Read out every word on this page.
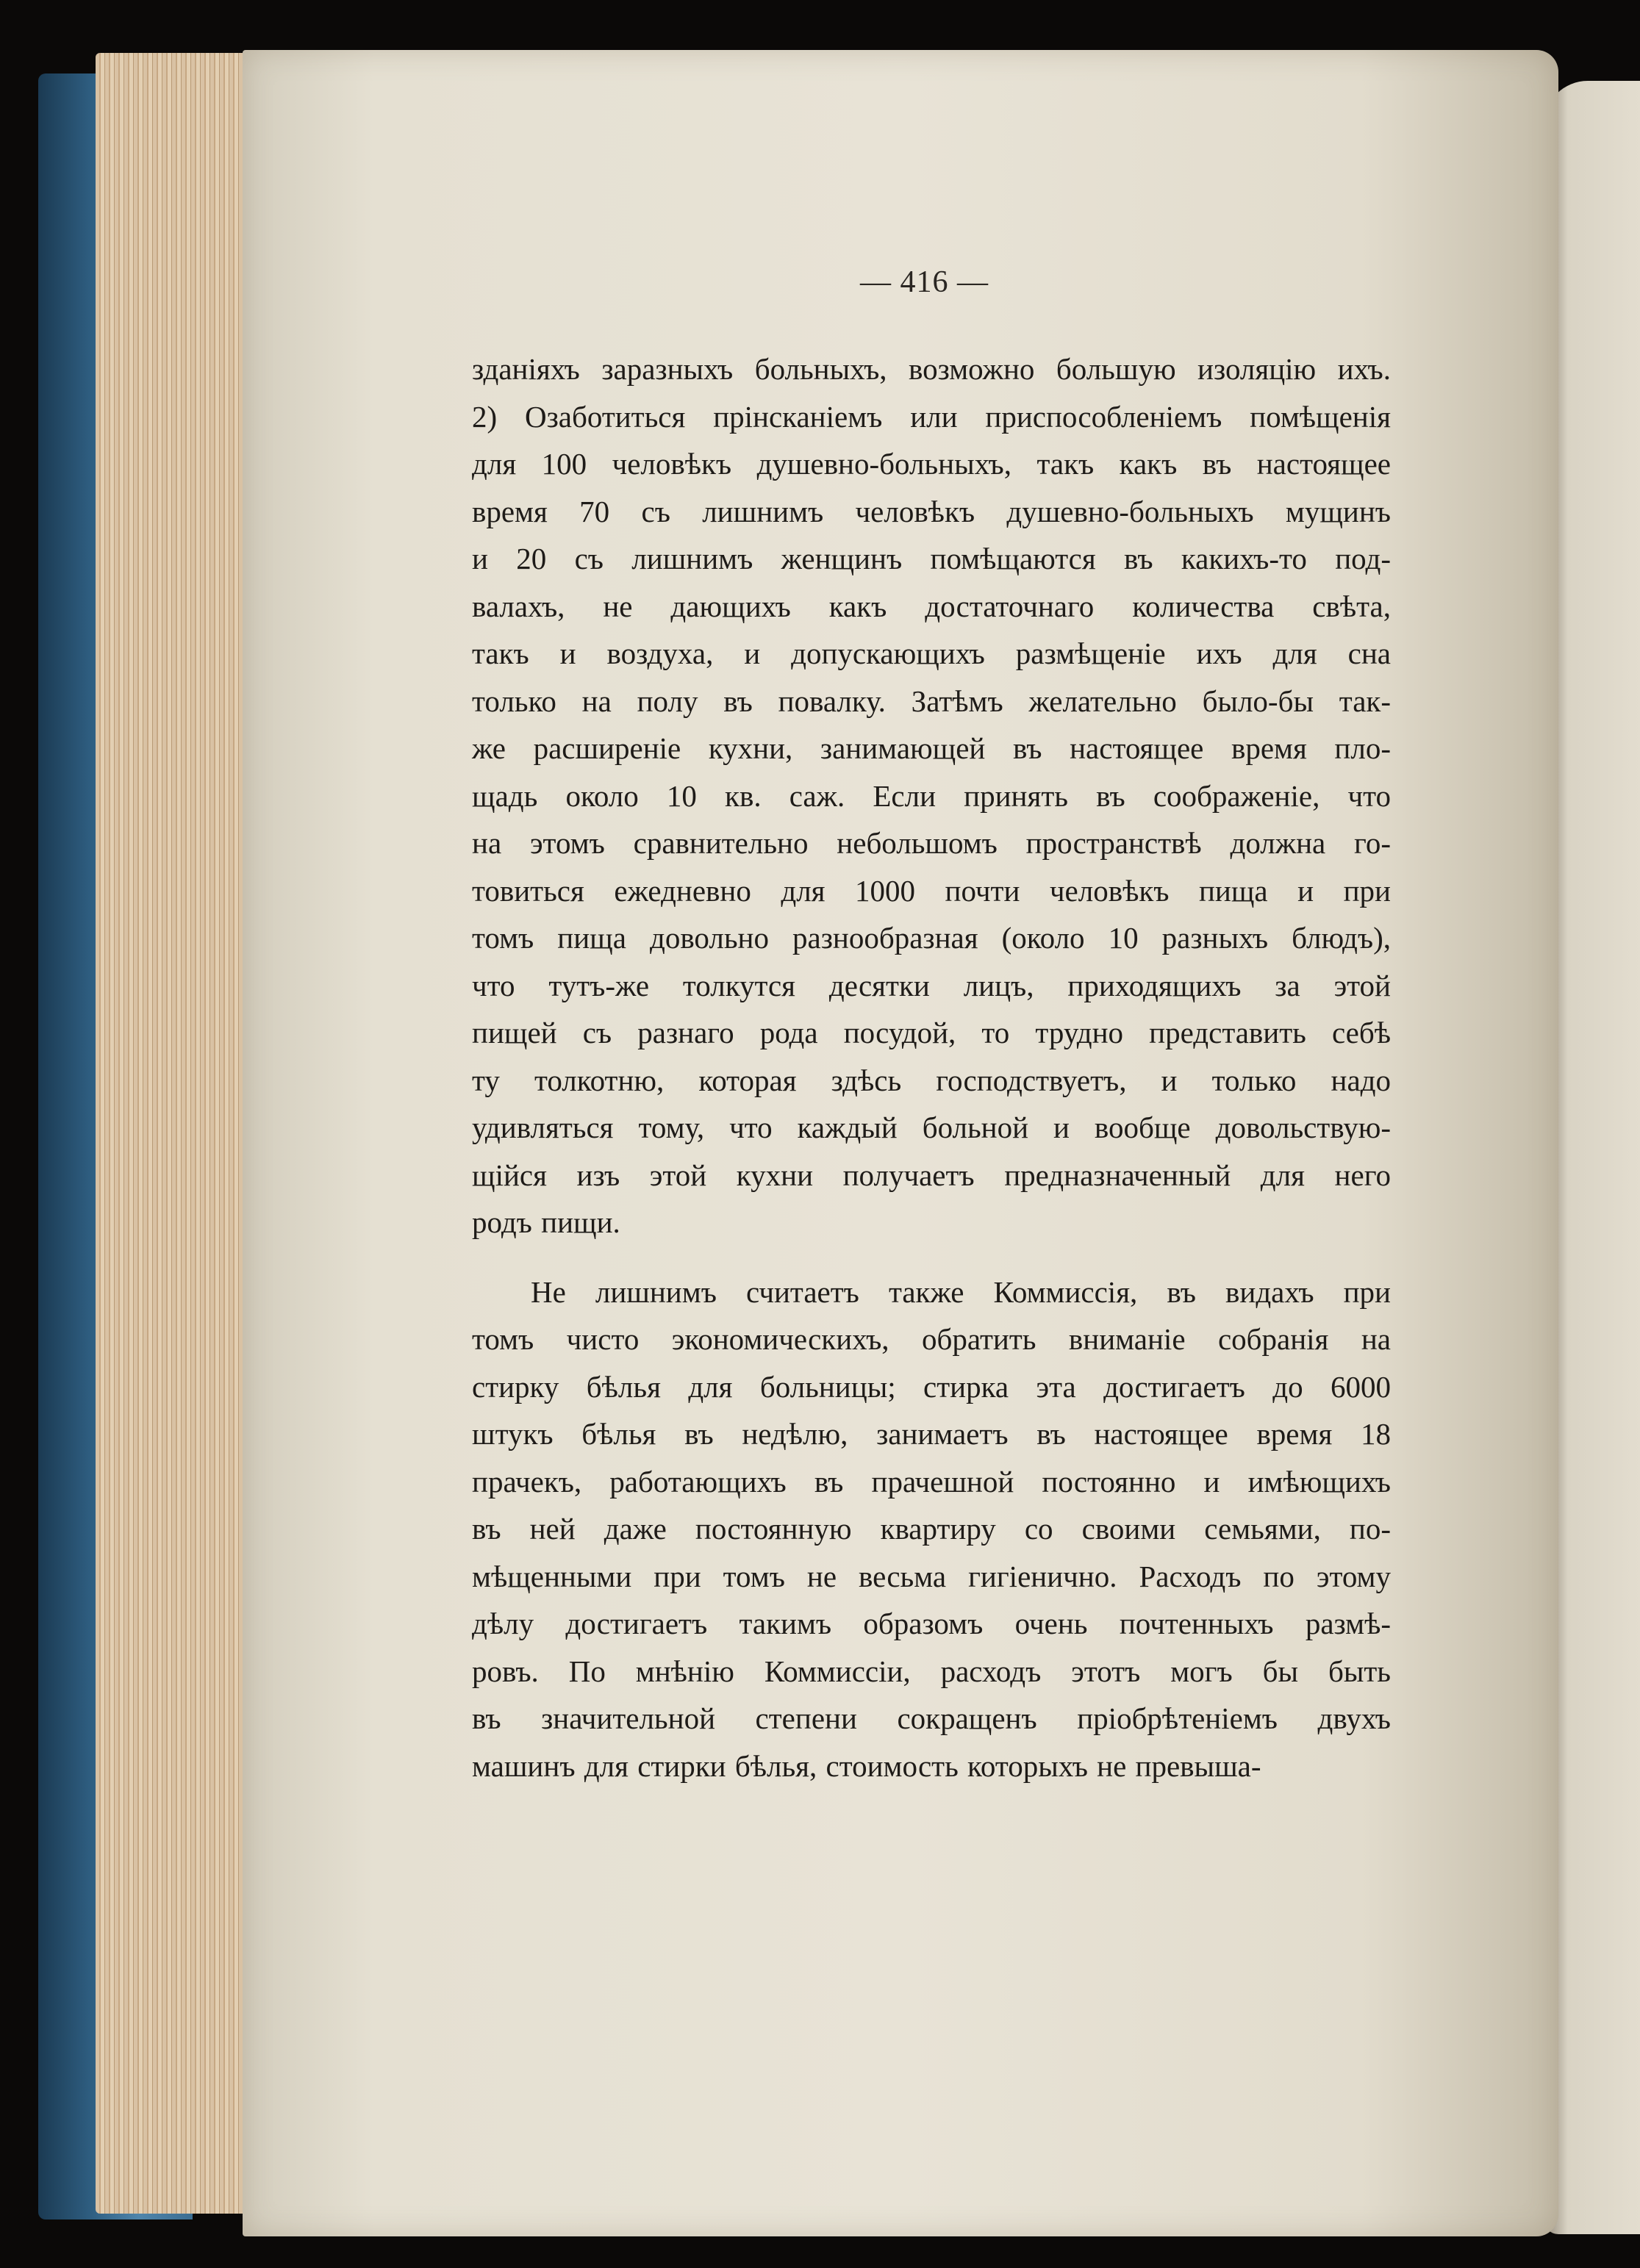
— 416 —
зданіяхъ заразныхъ больныхъ, возможно большую изоляцію ихъ.
2) Озаботиться прінсканіемъ или приспособленіемъ помѣщенія
для 100 человѣкъ душевно-больныхъ, такъ какъ въ настоящее
время 70 съ лишнимъ человѣкъ душевно-больныхъ мущинъ
и 20 съ лишнимъ женщинъ помѣщаются въ какихъ-то под-
валахъ, не дающихъ какъ достаточнаго количества свѣта,
такъ и воздуха, и допускающихъ размѣщеніе ихъ для сна
только на полу въ повалку. Затѣмъ желательно было-бы так-
же расширеніе кухни, занимающей въ настоящее время пло-
щадь около 10 кв. саж. Если принять въ соображеніе, что
на этомъ сравнительно небольшомъ пространствѣ должна го-
товиться ежедневно для 1000 почти человѣкъ пища и при
томъ пища довольно разнообразная (около 10 разныхъ блюдъ),
что тутъ-же толкутся десятки лицъ, приходящихъ за этой
пищей съ разнаго рода посудой, то трудно представить себѣ
ту толкотню, которая здѣсь господствуетъ, и только надо
удивляться тому, что каждый больной и вообще довольствую-
щійся изъ этой кухни получаетъ предназначенный для него
родъ пищи.
Не лишнимъ считаетъ также Коммиссія, въ видахъ при
томъ чисто экономическихъ, обратить вниманіе собранія на
стирку бѣлья для больницы; стирка эта достигаетъ до 6000
штукъ бѣлья въ недѣлю, занимаетъ въ настоящее время 18
прачекъ, работающихъ въ прачешной постоянно и имѣющихъ
въ ней даже постоянную квартиру со своими семьями, по-
мѣщенными при томъ не весьма гигіенично. Расходъ по этому
дѣлу достигаетъ такимъ образомъ очень почтенныхъ размѣ-
ровъ. По мнѣнію Коммиссіи, расходъ этотъ могъ бы быть
въ значительной степени сокращенъ пріобрѣтеніемъ двухъ
машинъ для стирки бѣлья, стоимость которыхъ не превыша-
